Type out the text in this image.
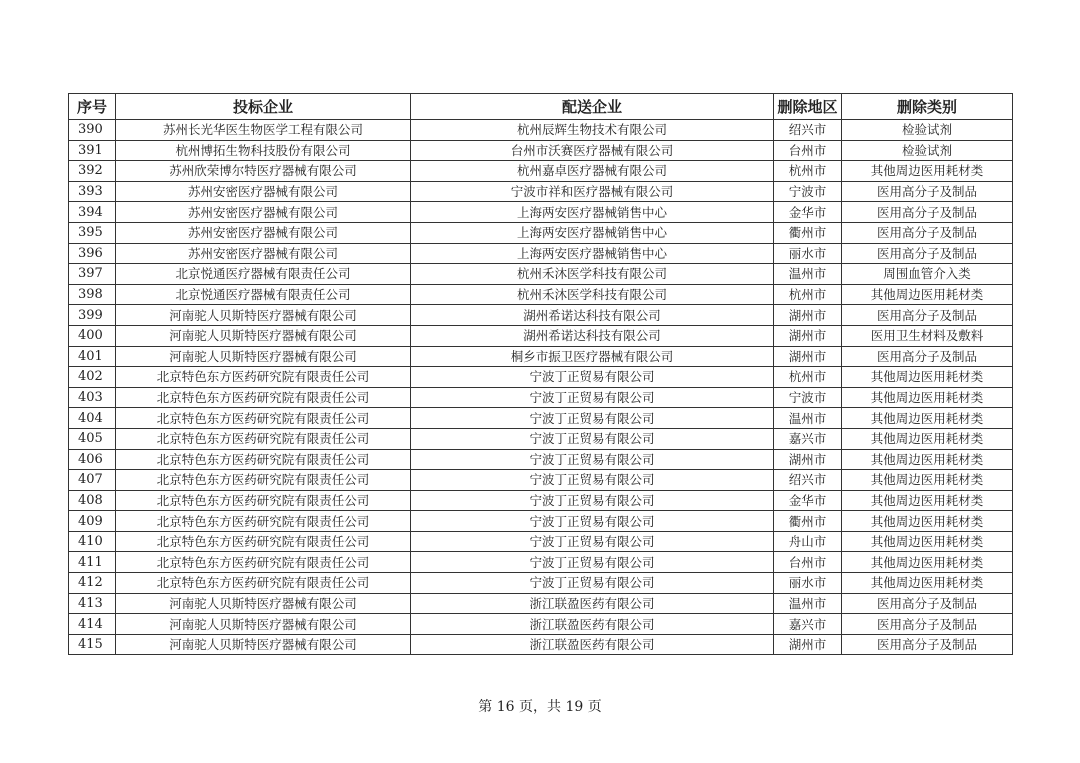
序号	投标企业	配送企业	删除地区	删除类别
390	苏州长光华医生物医学工程有限公司	杭州辰辉生物技术有限公司	绍兴市	检验试剂
391	杭州博拓生物科技股份有限公司	台州市沃赛医疗器械有限公司	台州市	检验试剂
392	苏州欣荣博尔特医疗器械有限公司	杭州嘉卓医疗器械有限公司	杭州市	其他周边医用耗材类
393	苏州安密医疗器械有限公司	宁波市祥和医疗器械有限公司	宁波市	医用高分子及制品
394	苏州安密医疗器械有限公司	上海两安医疗器械销售中心	金华市	医用高分子及制品
395	苏州安密医疗器械有限公司	上海两安医疗器械销售中心	衢州市	医用高分子及制品
396	苏州安密医疗器械有限公司	上海两安医疗器械销售中心	丽水市	医用高分子及制品
397	北京悦通医疗器械有限责任公司	杭州禾沐医学科技有限公司	温州市	周围血管介入类
398	北京悦通医疗器械有限责任公司	杭州禾沐医学科技有限公司	杭州市	其他周边医用耗材类
399	河南驼人贝斯特医疗器械有限公司	湖州希诺达科技有限公司	湖州市	医用高分子及制品
400	河南驼人贝斯特医疗器械有限公司	湖州希诺达科技有限公司	湖州市	医用卫生材料及敷料
401	河南驼人贝斯特医疗器械有限公司	桐乡市振卫医疗器械有限公司	湖州市	医用高分子及制品
402	北京特色东方医药研究院有限责任公司	宁波丁正贸易有限公司	杭州市	其他周边医用耗材类
403	北京特色东方医药研究院有限责任公司	宁波丁正贸易有限公司	宁波市	其他周边医用耗材类
404	北京特色东方医药研究院有限责任公司	宁波丁正贸易有限公司	温州市	其他周边医用耗材类
405	北京特色东方医药研究院有限责任公司	宁波丁正贸易有限公司	嘉兴市	其他周边医用耗材类
406	北京特色东方医药研究院有限责任公司	宁波丁正贸易有限公司	湖州市	其他周边医用耗材类
407	北京特色东方医药研究院有限责任公司	宁波丁正贸易有限公司	绍兴市	其他周边医用耗材类
408	北京特色东方医药研究院有限责任公司	宁波丁正贸易有限公司	金华市	其他周边医用耗材类
409	北京特色东方医药研究院有限责任公司	宁波丁正贸易有限公司	衢州市	其他周边医用耗材类
410	北京特色东方医药研究院有限责任公司	宁波丁正贸易有限公司	舟山市	其他周边医用耗材类
411	北京特色东方医药研究院有限责任公司	宁波丁正贸易有限公司	台州市	其他周边医用耗材类
412	北京特色东方医药研究院有限责任公司	宁波丁正贸易有限公司	丽水市	其他周边医用耗材类
413	河南驼人贝斯特医疗器械有限公司	浙江联盈医药有限公司	温州市	医用高分子及制品
414	河南驼人贝斯特医疗器械有限公司	浙江联盈医药有限公司	嘉兴市	医用高分子及制品
415	河南驼人贝斯特医疗器械有限公司	浙江联盈医药有限公司	湖州市	医用高分子及制品
第 16 页，共 19 页
